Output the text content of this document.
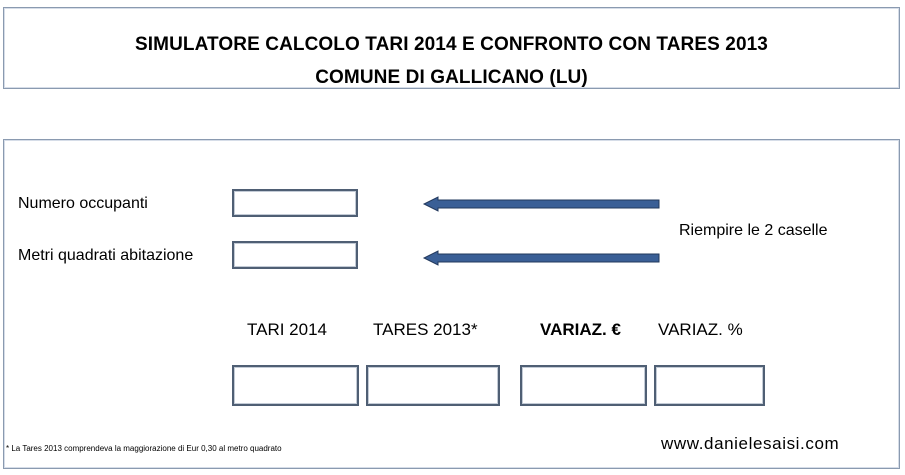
SIMULATORE CALCOLO TARI 2014 E CONFRONTO CON TARES 2013
COMUNE DI GALLICANO (LU)
Numero occupanti
Metri quadrati abitazione
Riempire le 2 caselle
TARI 2014	TARES 2013*	VARIAZ. € VARIAZ. %
* La Tares 2013 comprendeva la maggiorazione di Eur 0,30 al metro quadrato	www.danielesaisi.com
